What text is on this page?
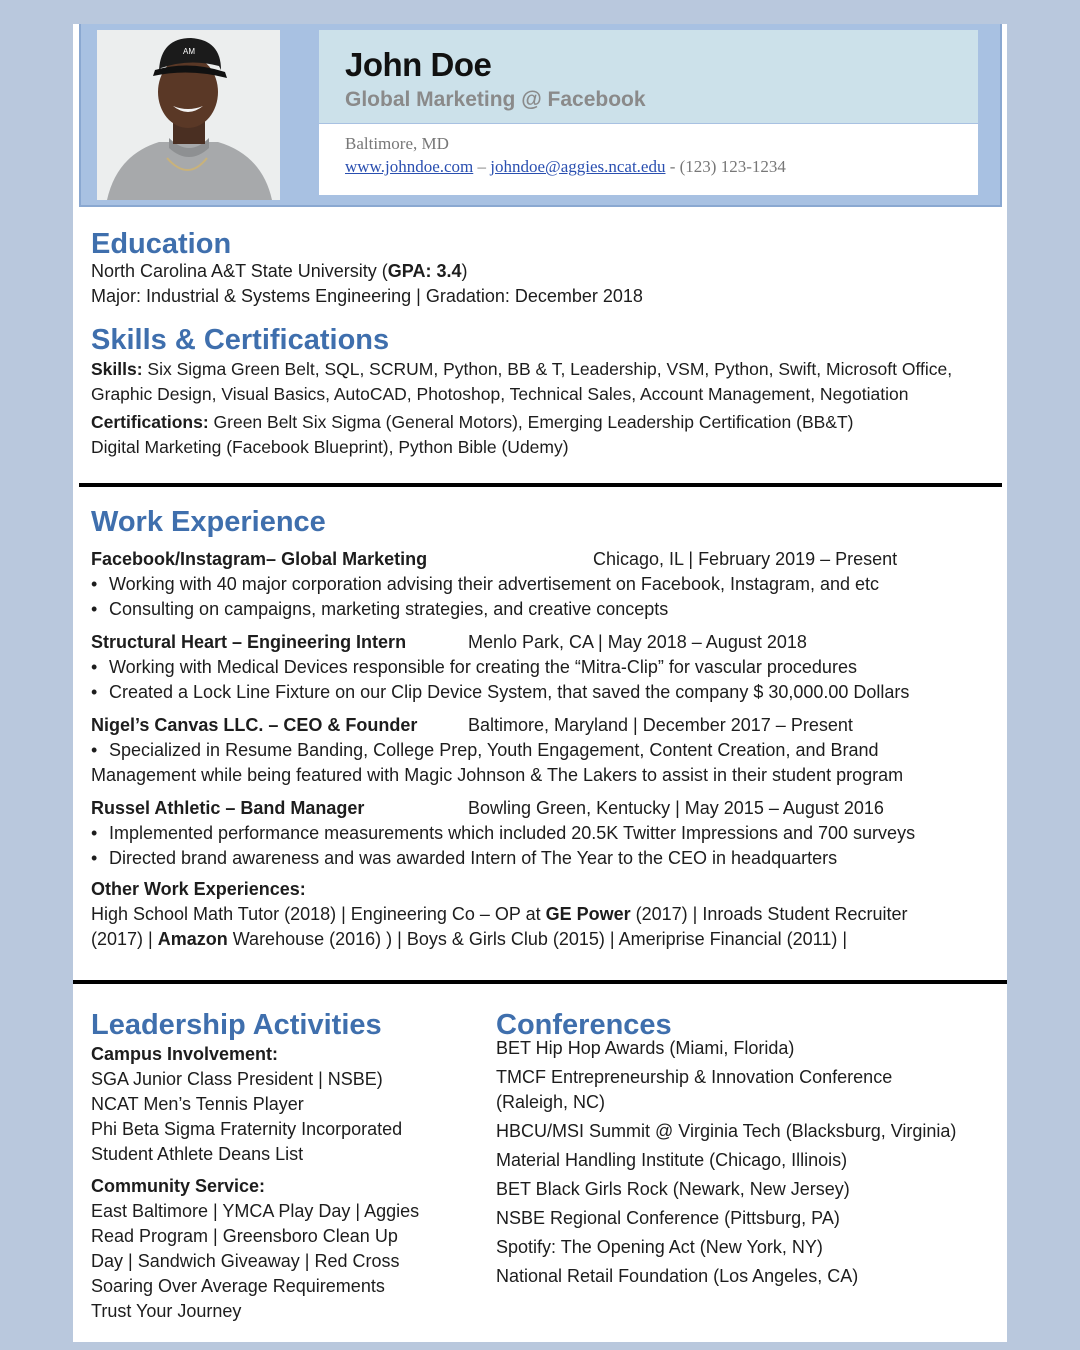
AM	John Doe
Global Marketing @ Facebook
Baltimore, MD
www.johndoe.com – johndoe@aggies.ncat.edu - (123) 123-1234
Education
North Carolina A&T State University (GPA: 3.4)
Major: Industrial & Systems Engineering | Gradation: December 2018
Skills & Certifications
Skills: Six Sigma Green Belt, SQL, SCRUM, Python, BB & T, Leadership, VSM, Python, Swift, Microsoft Office,
Graphic Design, Visual Basics, AutoCAD, Photoshop, Technical Sales, Account Management, Negotiation
Certifications: Green Belt Six Sigma (General Motors), Emerging Leadership Certification (BB&T)
Digital Marketing (Facebook Blueprint), Python Bible (Udemy)
Work Experience
Facebook/Instagram– Global Marketing	Chicago, IL | February 2019 – Present
• Working with 40 major corporation advising their advertisement on Facebook, Instagram, and etc
• Consulting on campaigns, marketing strategies, and creative concepts
Structural Heart – Engineering Intern	Menlo Park, CA | May 2018 – August 2018
• Working with Medical Devices responsible for creating the “Mitra-Clip” for vascular procedures
• Created a Lock Line Fixture on our Clip Device System, that saved the company $ 30,000.00 Dollars
Nigel’s Canvas LLC. – CEO & Founder	Baltimore, Maryland | December 2017 – Present
• Specialized in Resume Banding, College Prep, Youth Engagement, Content Creation, and Brand
Management while being featured with Magic Johnson & The Lakers to assist in their student program
Russel Athletic – Band Manager	Bowling Green, Kentucky | May 2015 – August 2016
• Implemented performance measurements which included 20.5K Twitter Impressions and 700 surveys
• Directed brand awareness and was awarded Intern of The Year to the CEO in headquarters
Other Work Experiences:
High School Math Tutor (2018) | Engineering Co – OP at GE Power (2017) | Inroads Student Recruiter
(2017) | Amazon Warehouse (2016) ) | Boys & Girls Club (2015) | Ameriprise Financial (2011) |
Leadership Activities
Campus Involvement:
SGA Junior Class President | NSBE)
NCAT Men’s Tennis Player
Phi Beta Sigma Fraternity Incorporated
Student Athlete Deans List
Community Service:
East Baltimore | YMCA Play Day | Aggies
Read Program | Greensboro Clean Up
Day | Sandwich Giveaway | Red Cross
Soaring Over Average Requirements
Trust Your Journey
Conferences
BET Hip Hop Awards (Miami, Florida)
TMCF Entrepreneurship & Innovation Conference
(Raleigh, NC)
HBCU/MSI Summit @ Virginia Tech (Blacksburg, Virginia)
Material Handling Institute (Chicago, Illinois)
BET Black Girls Rock (Newark, New Jersey)
NSBE Regional Conference (Pittsburg, PA)
Spotify: The Opening Act (New York, NY)
National Retail Foundation (Los Angeles, CA)
